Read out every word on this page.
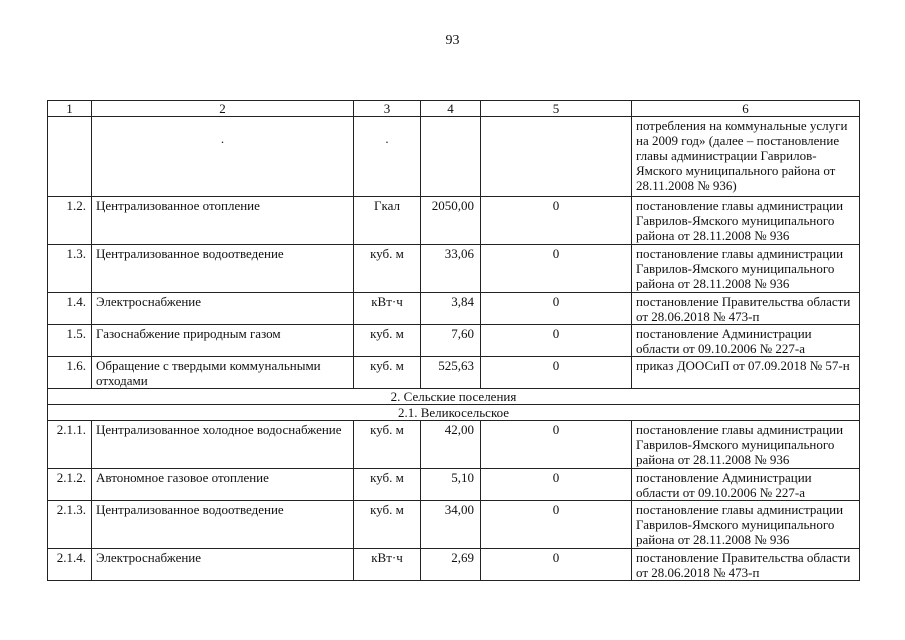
93
1	2	3	4	5	6
	.	.			потребления на коммунальные услуги на 2009 год» (далее – постановление главы администрации Гаврилов-Ямского муниципального района от 28.11.2008 № 936)
1.2.	Централизованное отопление	Гкал	2050,00	0	постановление главы администрации Гаврилов-Ямского муниципального района от 28.11.2008 № 936
1.3.	Централизованное водоотведение	куб. м	33,06	0	постановление главы администрации Гаврилов-Ямского муниципального района от 28.11.2008 № 936
1.4.	Электроснабжение	кВт·ч	3,84	0	постановление Правительства области от 28.06.2018 № 473-п
1.5.	Газоснабжение природным газом	куб. м	7,60	0	постановление Администрации области от 09.10.2006 № 227-а
1.6.	Обращение с твердыми коммунальными отходами	куб. м	525,63	0	приказ ДООСиП от 07.09.2018 № 57-н
2. Сельские поселения					
2.1. Великосельское					
2.1.1.	Централизованное холодное водоснабжение	куб. м	42,00	0	постановление главы администрации Гаврилов-Ямского муниципального района от 28.11.2008 № 936
2.1.2.	Автономное газовое отопление	куб. м	5,10	0	постановление Администрации области от 09.10.2006 № 227-а
2.1.3.	Централизованное водоотведение	куб. м	34,00	0	постановление главы администрации Гаврилов-Ямского муниципального района от 28.11.2008 № 936
2.1.4.	Электроснабжение	кВт·ч	2,69	0	постановление Правительства области от 28.06.2018 № 473-п
